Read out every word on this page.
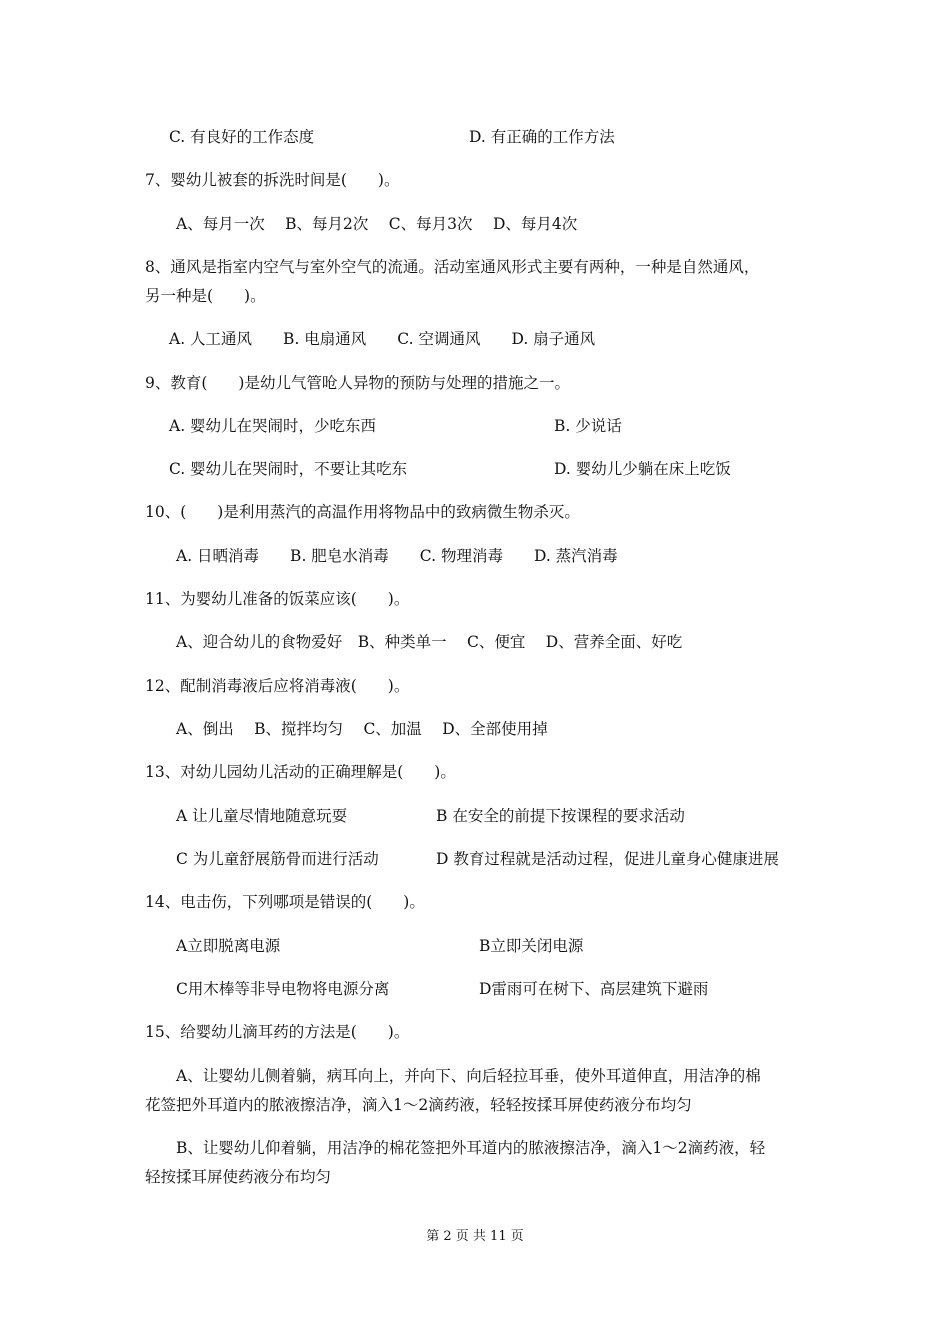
C. 有良好的工作态度	D. 有正确的工作方法
7、婴幼儿被套的拆洗时间是(　　)。
A、每月一次　 B、每月2次　 C、每月3次　 D、每月4次
8、通风是指室内空气与室外空气的流通。活动室通风形式主要有两种，一种是自然通风，
另一种是(　　)。
A. 人工通风　　B. 电扇通风　　C. 空调通风　　D. 扇子通风
9、教育(　　)是幼儿气管呛人异物的预防与处理的措施之一。
A. 婴幼儿在哭闹时，少吃东西	B. 少说话
C. 婴幼儿在哭闹时，不要让其吃东	D. 婴幼儿少躺在床上吃饭
10、(　　)是利用蒸汽的高温作用将物品中的致病微生物杀灭。
A. 日晒消毒　　B. 肥皂水消毒　　C. 物理消毒　　D. 蒸汽消毒
11、为婴幼儿准备的饭菜应该(　　)。
A、迎合幼儿的食物爱好　B、种类单一　 C、便宜　 D、营养全面、好吃
12、配制消毒液后应将消毒液(　　)。
A、倒出　 B、搅拌均匀　 C、加温　 D、全部使用掉
13、对幼儿园幼儿活动的正确理解是(　　)。
A 让儿童尽情地随意玩耍	B 在安全的前提下按课程的要求活动
C 为儿童舒展筋骨而进行活动	D 教育过程就是活动过程，促进儿童身心健康进展
14、电击伤，下列哪项是错误的(　　)。
A立即脱离电源	B立即关闭电源
C用木棒等非导电物将电源分离	D雷雨可在树下、高层建筑下避雨
15、给婴幼儿滴耳药的方法是(　　)。
A、让婴幼儿侧着躺，病耳向上，并向下、向后轻拉耳垂，使外耳道伸直，用洁净的棉
花签把外耳道内的脓液擦洁净，滴入1～2滴药液，轻轻按揉耳屏使药液分布均匀
B、让婴幼儿仰着躺，用洁净的棉花签把外耳道内的脓液擦洁净，滴入1～2滴药液，轻
轻按揉耳屏使药液分布均匀
第 2 页 共 11 页
